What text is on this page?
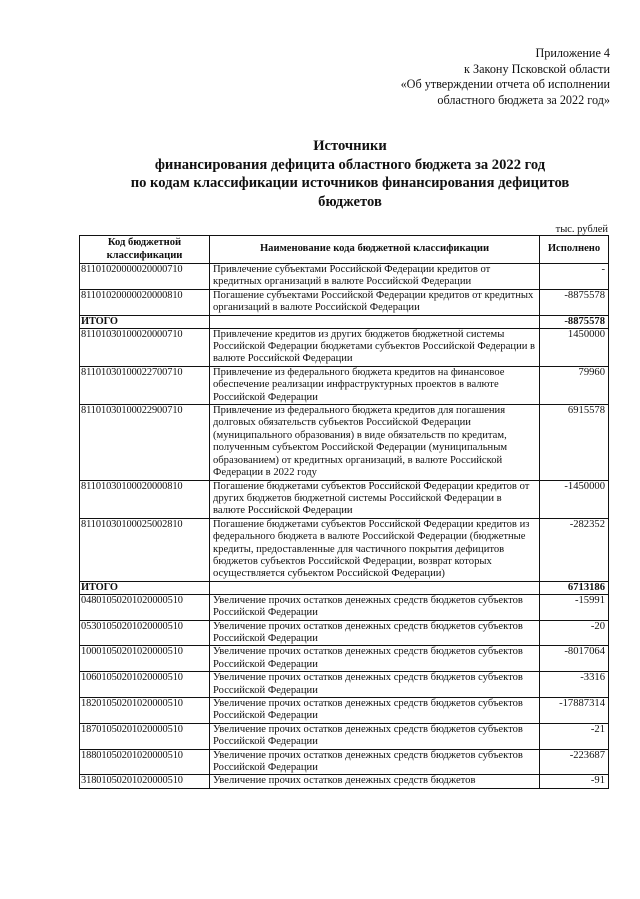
Приложение 4
к Закону Псковской области
«Об утверждении отчета об исполнении
областного бюджета за 2022 год»
Источники
финансирования дефицита областного бюджета за 2022 год
по кодам классификации источников финансирования дефицитов
бюджетов
тыс. рублей
Код бюджетной классификации	Наименование кода бюджетной классификации	Исполнено
81101020000020000710	Привлечение субъектами Российской Федерации кредитов от кредитных организаций в валюте Российской Федерации	-
81101020000020000810	Погашение субъектами Российской Федерации кредитов от кредитных организаций в валюте Российской Федерации	-8875578
ИТОГО		-8875578
81101030100020000710	Привлечение кредитов из других бюджетов бюджетной системы Российской Федерации бюджетами субъектов Российской Федерации в валюте Российской Федерации	1450000
81101030100022700710	Привлечение из федерального бюджета кредитов на финансовое обеспечение реализации инфраструктурных проектов в валюте Российской Федерации	79960
81101030100022900710	Привлечение из федерального бюджета кредитов для погашения долговых обязательств субъектов Российской Федерации (муниципального образования) в виде обязательств по кредитам, полученным субъектом Российской Федерации (муниципальным образованием) от кредитных организаций, в валюте Российской Федерации в 2022 году	6915578
81101030100020000810	Погашение бюджетами субъектов Российской Федерации кредитов от других бюджетов бюджетной системы Российской Федерации в валюте Российской Федерации	-1450000
81101030100025002810	Погашение бюджетами субъектов Российской Федерации кредитов из федерального бюджета в валюте Российской Федерации (бюджетные кредиты, предоставленные для частичного покрытия дефицитов бюджетов субъектов Российской Федерации, возврат которых осуществляется субъектом Российской Федерации)	-282352
ИТОГО		6713186
04801050201020000510	Увеличение прочих остатков денежных средств бюджетов субъектов Российской Федерации	-15991
05301050201020000510	Увеличение прочих остатков денежных средств бюджетов субъектов Российской Федерации	-20
10001050201020000510	Увеличение прочих остатков денежных средств бюджетов субъектов Российской Федерации	-8017064
10601050201020000510	Увеличение прочих остатков денежных средств бюджетов субъектов Российской Федерации	-3316
18201050201020000510	Увеличение прочих остатков денежных средств бюджетов субъектов Российской Федерации	-17887314
18701050201020000510	Увеличение прочих остатков денежных средств бюджетов субъектов Российской Федерации	-21
18801050201020000510	Увеличение прочих остатков денежных средств бюджетов субъектов Российской Федерации	-223687
31801050201020000510	Увеличение прочих остатков денежных средств бюджетов	-91
